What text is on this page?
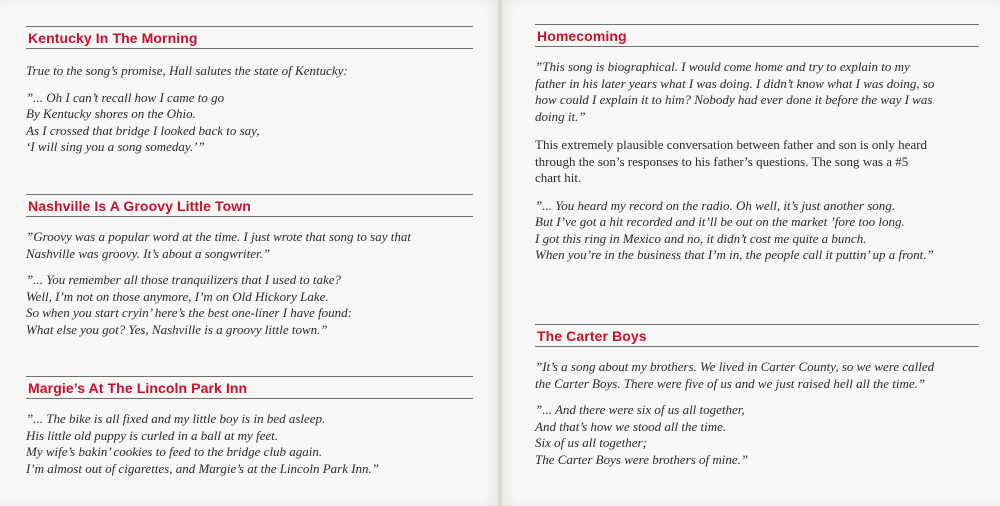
Kentucky In The Morning

True to the song’s promise, Hall salutes the state of Kentucky:

”... Oh I can’t recall how I came to go
By Kentucky shores on the Ohio.
As I crossed that bridge I looked back to say,
‘I will sing you a song someday.’”

Nashville Is A Groovy Little Town

”Groovy was a popular word at the time. I just wrote that song to say that
Nashville was groovy. It’s about a songwriter.”

”... You remember all those tranquilizers that I used to take?
Well, I’m not on those anymore, I’m on Old Hickory Lake.
So when you start cryin’ here’s the best one-liner I have found:
What else you got? Yes, Nashville is a groovy little town.”

Margie’s At The Lincoln Park Inn

”... The bike is all fixed and my little boy is in bed asleep.
His little old puppy is curled in a ball at my feet.
My wife’s bakin’ cookies to feed to the bridge club again.
I’m almost out of cigarettes, and Margie’s at the Lincoln Park Inn.”

Homecoming

”This song is biographical. I would come home and try to explain to my
father in his later years what I was doing. I didn’t know what I was doing, so
how could I explain it to him? Nobody had ever done it before the way I was
doing it.”

This extremely plausible conversation between father and son is only heard
through the son’s responses to his father’s questions. The song was a #5
chart hit.

”... You heard my record on the radio. Oh well, it’s just another song.
But I’ve got a hit recorded and it’ll be out on the market ’fore too long.
I got this ring in Mexico and no, it didn’t cost me quite a bunch.
When you’re in the business that I’m in, the people call it puttin’ up a front.”

The Carter Boys

”It’s a song about my brothers. We lived in Carter County, so we were called
the Carter Boys. There were five of us and we just raised hell all the time.”

”... And there were six of us all together,
And that’s how we stood all the time.
Six of us all together;
The Carter Boys were brothers of mine.”
